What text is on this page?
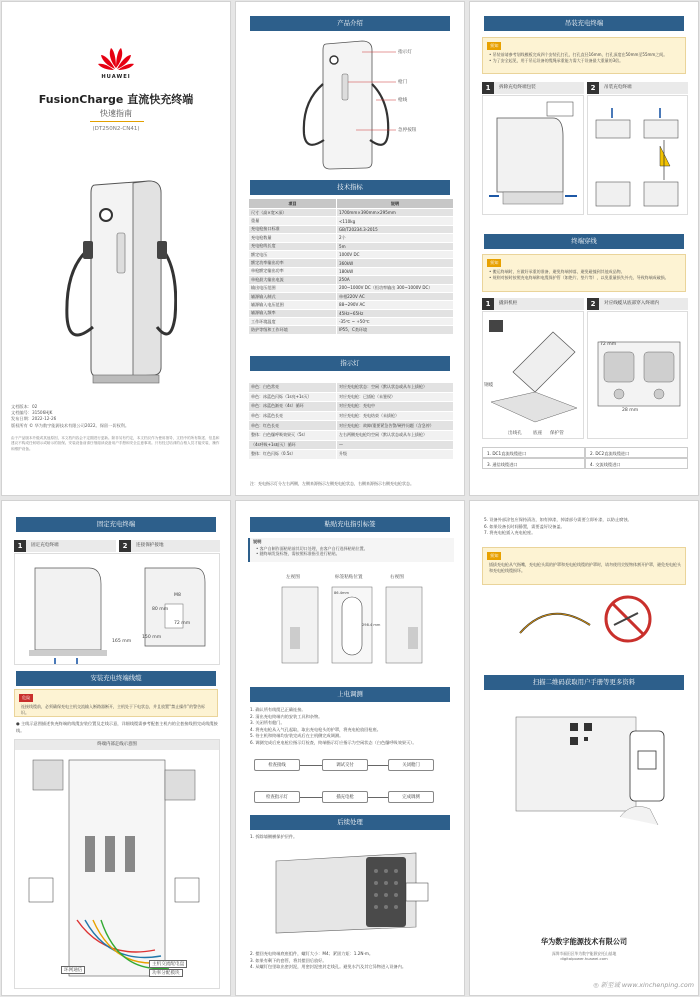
HUAWEI
FusionCharge 直流快充终端
快速指南
(DT250N2-CN41)
文档版本：02
文档编号：31506HJK
发布日期：2022-12-26
版权所有 © 华为数字能源技术有限公司2022。保留一切权利。
由于产品版本升级或其他原因，本文档内容会不定期进行更新。除非另有约定，本文档仅作为使用指导，文档中的所有陈述、信息和建议不构成任何明示或暗示的担保。安装设备前请仔细阅读设备用户手册和安全注意事项。只有经过培训的合格人员才能安装、操作和维护设备。
产品介绍
指示灯
枪门
枪线
急停按钮
技术指标
项目	说明
尺寸（高×宽×深）	1700mm×390mm×295mm
重量	<110kg
充电枪接口标准	GB/T20234.3-2015
充电枪数量	2个
充电枪线长度	5m
额定电压	1000V DC
额定功率输出功率	360kW
单枪额定输出功率	180kW
单枪最大输出电流	250A
输出电压范围	200~1000V DC（恒功率输出 300~1000V DC）
辅源输入制式	单相220V AC
辅源输入电压范围	88~290V AC
辅源输入频率	45Hz~65Hz
工作环境温度	-35℃ ~ +50℃
防护等级和工作环境	IP55，C类环境
指示灯
单色：白色常亮	对应充电枪状态：空闲（默认状态或从车上拔枪）
单色：冰蓝色闪烁（1s亮+1s灭）	对应充电枪：已插枪（未鉴权）
单色：冰蓝色渐亮（4s）循环	对应充电枪：充电中
单色：冰蓝色长亮	对应充电枪：充电结束（未拔枪）
单色：红色长亮	对应充电枪：故障/重要紧急告警/硬件问题（含急停）
整体：白色爆呼吸效果灭（5s）	左右两侧充电枪均空闲（默认状态或从车上拔枪）
（4s呼吸+1s暗灭）循环	—
整体：红色闪烁（0.5s）	升级
注：充电指示灯分左右两侧，左侧来源指示左侧充电枪状态，右侧来源指示右侧充电枪状态。
吊装充电终端
须知
• 吊装前请参考划线模板完成四个安装孔打孔，打孔直径16mm，打孔深度在50mm至55mm之间。
• 为了安全起见，用于吊运设备的缆绳承重能力需大于设备最大重量的3倍。
1 拆除充电终端包装	2 吊装充电终端
终端穿线
须知
• 搬运终端时，应做好承重的准备，避免终端掉落，避免碰撞到其他成品物。
• 规则对接时按照充电终端和电缆保护管（如绝片、垫片等），以免重量损失外壳、导致终端成破损。
1 撬斜机柜	2 对应线缆从底部穿入终端内
钢缆
出线孔 底座 保护管
72 mm
28 mm
1. DC1直流线缆进口	2. DC2直流线缆进口
3. 通信线缆进口	4. 交流线缆进口
固定充电终端
1 固定充电终端	2 连接保护接地
80 mm
150 mm
72 mm
165 mm
M8
安装充电终端线缆
危险
连接线缆前，必须确保充电主机交流输入断路器断开，主机处于下电状态，并且放置“禁止操作”的警告标识。
● 主线示意图描述快充终端的线缆安装位置及走线示意，详细线缆需参考配套主机内的全套接线图完成线缆接线。
终端内部走线示意图
主机交流配电盘
功率分配模块
环网通信
粘贴充电指引标签
说明
• 客户自制作面粘贴前其切口处理，由客户自行选择粘贴位置。
• 随终端发货标签，需按照标准指引进行粘贴。
左视图	标签粘贴位置	右视图
86.4mm
298.4 mm
上电调测
1. 确认所有线缆已正确连接。
2. 清出充电终端内的安装工具和杂物。
3. 关闭所有舱门。
4. 将充电枪从入气孔起取，取出充电枪头的护罩，将充电枪放回枪座。
5. 待主机和终端均安装完成后在主机侧完成调测。
6. 调测完成后充电枪位指示灯检查，终端指示灯应指示为空闲状态（白色爆呼吸效果灭）。
检查接线	调试交付	关闭舱门
检查指示灯	插充电枪	完成调测
后续处理
1. 拆除墙侧横保护层件。
2. 摆回充电终端底座组件，螺钉大小：M4；紧固力矩：1.2N·m。
3. 如果有剩下的套管，将其摆回后放好。
4. 从螺钉包里取出密封泥，用密封泥密封走线孔。避免水汽及其它异物进入设备内。
5. 设备外部涂包应保持清洁，如有掉漆，掉漆部分需要立即补漆，以防止腐蚀。
6. 如果设备长时间静置，需要盖好设备盖。
7. 将充电枪插入充电枪座。
须知
插拔充电枪从气指嘴，充电枪头需的护罩和充电枪线缆的护罩时，请勿使用尖锐物体割开护罩，避免充电枪头和充电枪线缆损坏。
扫描二维码获取用户手册等更多资料
华为数字能源技术有限公司
深圳市福田区华为数字能源安托山基地
digitalpower.huawei.com
◎ 新至诚 www.xinchenping.com
